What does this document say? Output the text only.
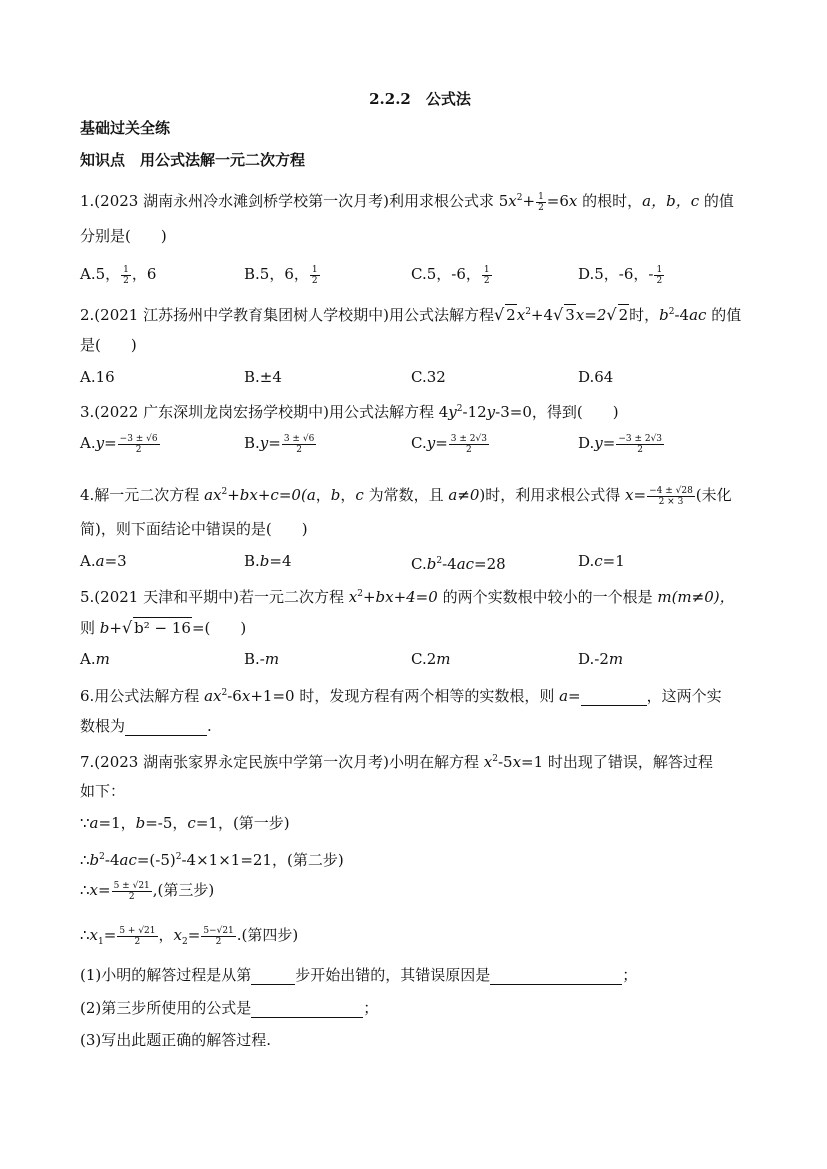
2.2.2　公式法
基础过关全练
知识点　用公式法解一元二次方程
1.(2023 湖南永州冷水滩剑桥学校第一次月考)利用求根公式求 $5x^2+ \frac{1}{2} =6x$ 的根时，a，b，c 的值
分别是(　　)
A.5， $\frac{1}{2}$ ，6	B.5，6， $\frac{1}{2}$	C.5，-6， $\frac{1}{2}$	D.5，-6，- $\frac{1}{2}$
2.(2021 江苏扬州中学教育集团树人学校期中)用公式法解方程√ $2x^2+4√$ 3x=2√ 2时，$b^2-4ac$ 的值
是(　　)
A.16	B.±4	C.32	D.64
3.(2022 广东深圳龙岗宏扬学校期中)用公式法解方程 $4y^2-12y-3=0$，得到(　　)
$A.y= \frac{-3 \pm √6}{2}$	$B.y= \frac{3 \pm √6}{2}$	$C.y= \frac{3 \pm 2√3}{2}$	$D.y= \frac{-3 \pm 2√3}{2}$
4.解一元二次方程 $ax^2+bx+c=0(a$，b，c 为常数，且 a≠0)时，利用求根公式得 $x= \frac{-4 \pm √28}{2 \times 3}$ (未化
简)，则下面结论中错误的是(　　)
A.a=3	B.b=4	$C.b^2-4ac=28$	D.c=1
5.(2021 天津和平期中)若一元二次方程 $x^2+bx+4=0$ 的两个实数根中较小的一个根是 m(m≠0)，
则 b+√ b² − 16=(　　)
A.m	B.-m	C.2m	D.-2m
6.用公式法解方程 $ax^2-6x+1=0$ 时，发现方程有两个相等的实数根，则 a=	，这两个实
数根为	.
7.(2023 湖南张家界永定民族中学第一次月考)小明在解方程 $x^2-5x=1$ 时出现了错误，解答过程
如下：
∵a=1，b=-5，c=1，(第一步)
$\therefore b^2-4ac=(-5)^2-4\times 1\times 1=21$，(第二步)
∴x= $\frac{5 \pm √21}{2}$ ,(第三步)
$\therefore x_1= \frac{5 + √21}{2}$ ，$x_2= \frac{5-√21}{2}$ .(第四步)
(1)小明的解答过程是从第	步开始出错的，其错误原因是	；
(2)第三步所使用的公式是	；
(3)写出此题正确的解答过程.
